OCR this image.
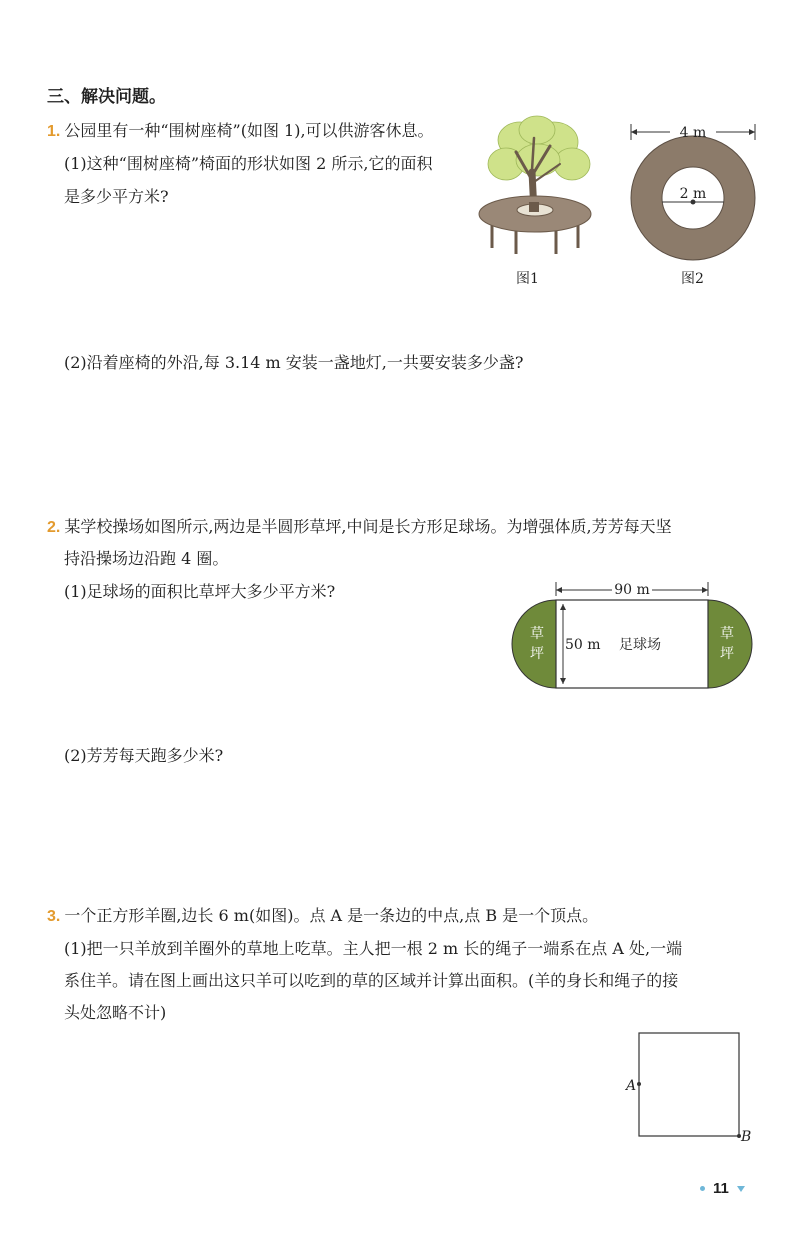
三、解决问题。
1. 公园里有一种“围树座椅”(如图 1),可以供游客休息。
(1)这种“围树座椅”椅面的形状如图 2 所示,它的面积
是多少平方米?
图1
4 m
2 m
图2
(2)沿着座椅的外沿,每 3.14 m 安装一盏地灯,一共要安装多少盏?
2. 某学校操场如图所示,两边是半圆形草坪,中间是长方形足球场。为增强体质,芳芳每天坚
持沿操场边沿跑 4 圈。
(1)足球场的面积比草坪大多少平方米?	90 m
50 m 足球场
草
坪
草
坪
(2)芳芳每天跑多少米?
3. 一个正方形羊圈,边长 6 m(如图)。点 A 是一条边的中点,点 B 是一个顶点。
(1)把一只羊放到羊圈外的草地上吃草。主人把一根 2 m 长的绳子一端系在点 A 处,一端
系住羊。请在图上画出这只羊可以吃到的草的区域并计算出面积。(羊的身长和绳子的接
头处忽略不计)
A
B
11
